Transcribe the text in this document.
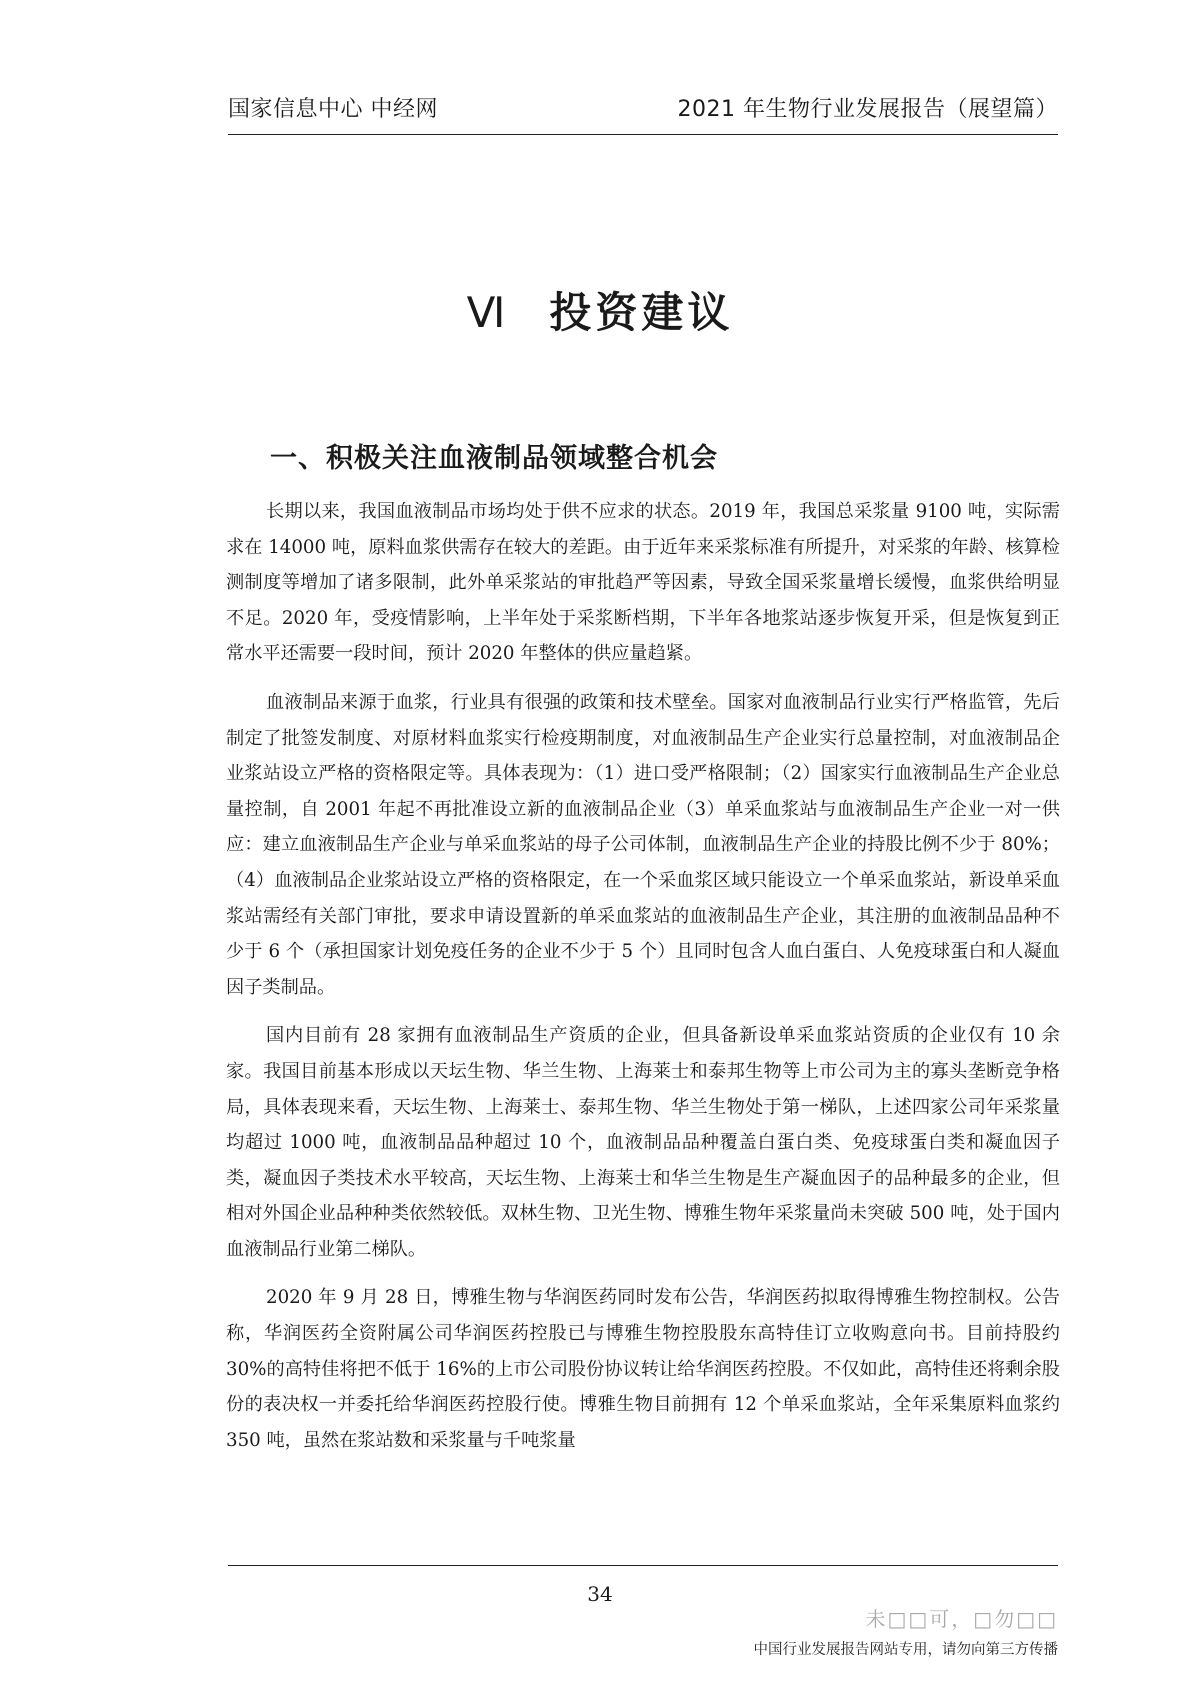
国家信息中心 中经网	2021 年生物行业发展报告（展望篇）
Ⅵ 投资建议
一、积极关注血液制品领域整合机会

长期以来，我国血液制品市场均处于供不应求的状态。2019 年，我国总采浆量 9100 吨，实际需求在 14000 吨，原料血浆供需存在较大的差距。由于近年来采浆标准有所提升，对采浆的年龄、核算检测制度等增加了诸多限制，此外单采浆站的审批趋严等因素，导致全国采浆量增长缓慢，血浆供给明显不足。2020 年，受疫情影响，上半年处于采浆断档期，下半年各地浆站逐步恢复开采，但是恢复到正常水平还需要一段时间，预计 2020 年整体的供应量趋紧。

血液制品来源于血浆，行业具有很强的政策和技术壁垒。国家对血液制品行业实行严格监管，先后制定了批签发制度、对原材料血浆实行检疫期制度，对血液制品生产企业实行总量控制，对血液制品企业浆站设立严格的资格限定等。具体表现为：（1）进口受严格限制；（2）国家实行血液制品生产企业总量控制，自 2001 年起不再批准设立新的血液制品企业（3）单采血浆站与血液制品生产企业一对一供应：建立血液制品生产企业与单采血浆站的母子公司体制，血液制品生产企业的持股比例不少于 80%；（4）血液制品企业浆站设立严格的资格限定，在一个采血浆区域只能设立一个单采血浆站，新设单采血浆站需经有关部门审批，要求申请设置新的单采血浆站的血液制品生产企业，其注册的血液制品品种不少于 6 个（承担国家计划免疫任务的企业不少于 5 个）且同时包含人血白蛋白、人免疫球蛋白和人凝血因子类制品。

国内目前有 28 家拥有血液制品生产资质的企业，但具备新设单采血浆站资质的企业仅有 10 余家。我国目前基本形成以天坛生物、华兰生物、上海莱士和泰邦生物等上市公司为主的寡头垄断竞争格局，具体表现来看，天坛生物、上海莱士、泰邦生物、华兰生物处于第一梯队，上述四家公司年采浆量均超过 1000 吨，血液制品品种超过 10 个，血液制品品种覆盖白蛋白类、免疫球蛋白类和凝血因子类，凝血因子类技术水平较高，天坛生物、上海莱士和华兰生物是生产凝血因子的品种最多的企业，但相对外国企业品种种类依然较低。双林生物、卫光生物、博雅生物年采浆量尚未突破 500 吨，处于国内血液制品行业第二梯队。

2020 年 9 月 28 日，博雅生物与华润医药同时发布公告，华润医药拟取得博雅生物控制权。公告称，华润医药全资附属公司华润医药控股已与博雅生物控股股东高特佳订立收购意向书。目前持股约 30%的高特佳将把不低于 16%的上市公司股份协议转让给华润医药控股。不仅如此，高特佳还将剩余股份的表决权一并委托给华润医药控股行使。博雅生物目前拥有 12 个单采血浆站，全年采集原料血浆约 350 吨，虽然在浆站数和采浆量与千吨浆量

34
未□□可，□勿□□
中国行业发展报告网站专用，请勿向第三方传播
